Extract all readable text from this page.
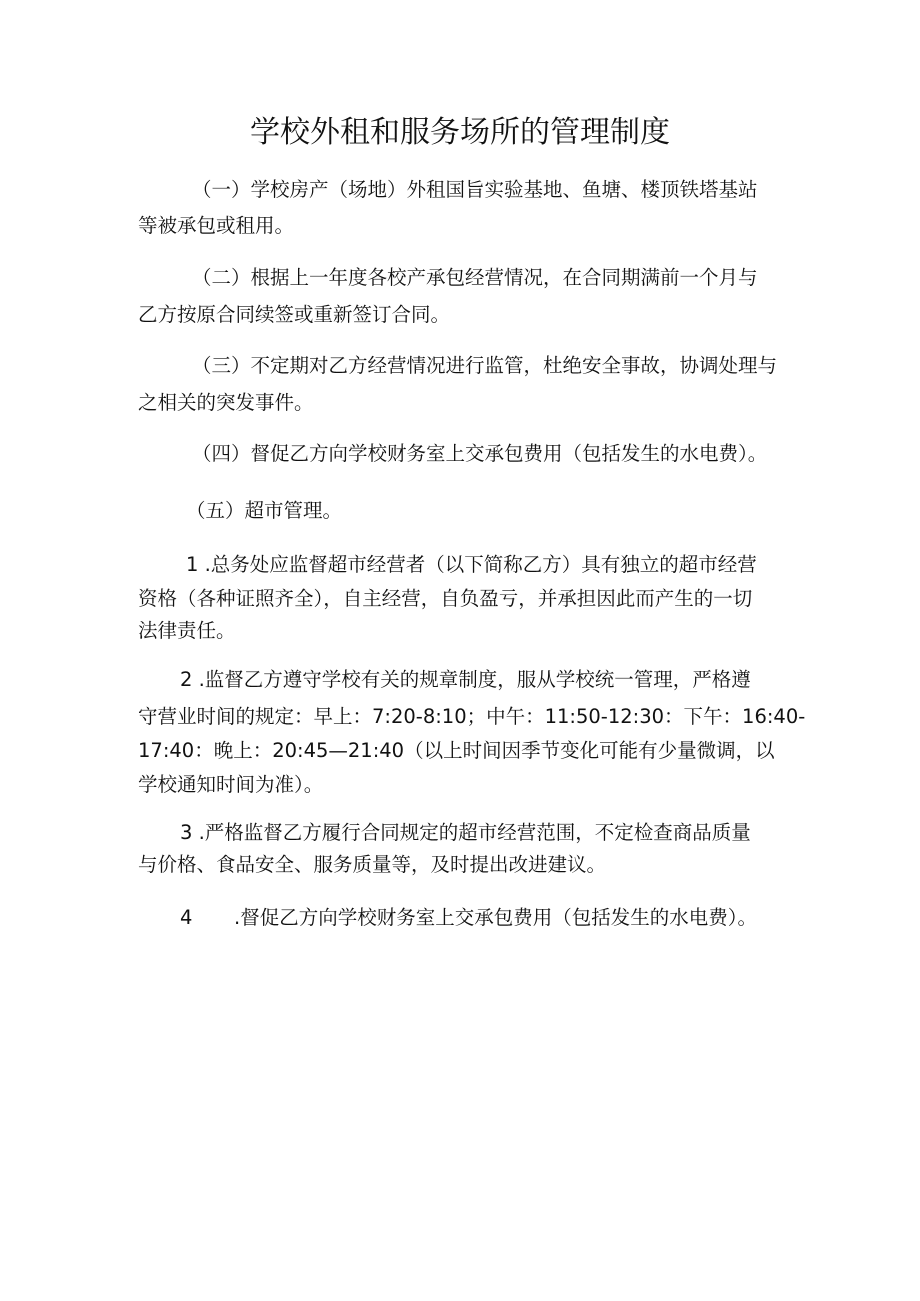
学校外租和服务场所的管理制度
（一）学校房产（场地）外租国旨实验基地、鱼塘、楼顶铁塔基站
等被承包或租用。
（二）根据上一年度各校产承包经营情况，在合同期满前一个月与
乙方按原合同续签或重新签订合同。
（三）不定期对乙方经营情况进行监管，杜绝安全事故，协调处理与
之相关的突发事件。
（四）督促乙方向学校财务室上交承包费用（包括发生的水电费）。
（五）超市管理。
1 .总务处应监督超市经营者（以下简称乙方）具有独立的超市经营
资格（各种证照齐全），自主经营，自负盈亏，并承担因此而产生的一切
法律责任。
2 .监督乙方遵守学校有关的规章制度，服从学校统一管理，严格遵
守营业时间的规定：早上：7:20-8:10；中午：11:50-12:30：下午：16:40-
17:40：晚上：20:45—21:40（以上时间因季节变化可能有少量微调，以
学校通知时间为准）。
3 .严格监督乙方履行合同规定的超市经营范围，不定检查商品质量
与价格、食品安全、服务质量等，及时提出改进建议。
4 .督促乙方向学校财务室上交承包费用（包括发生的水电费）。
